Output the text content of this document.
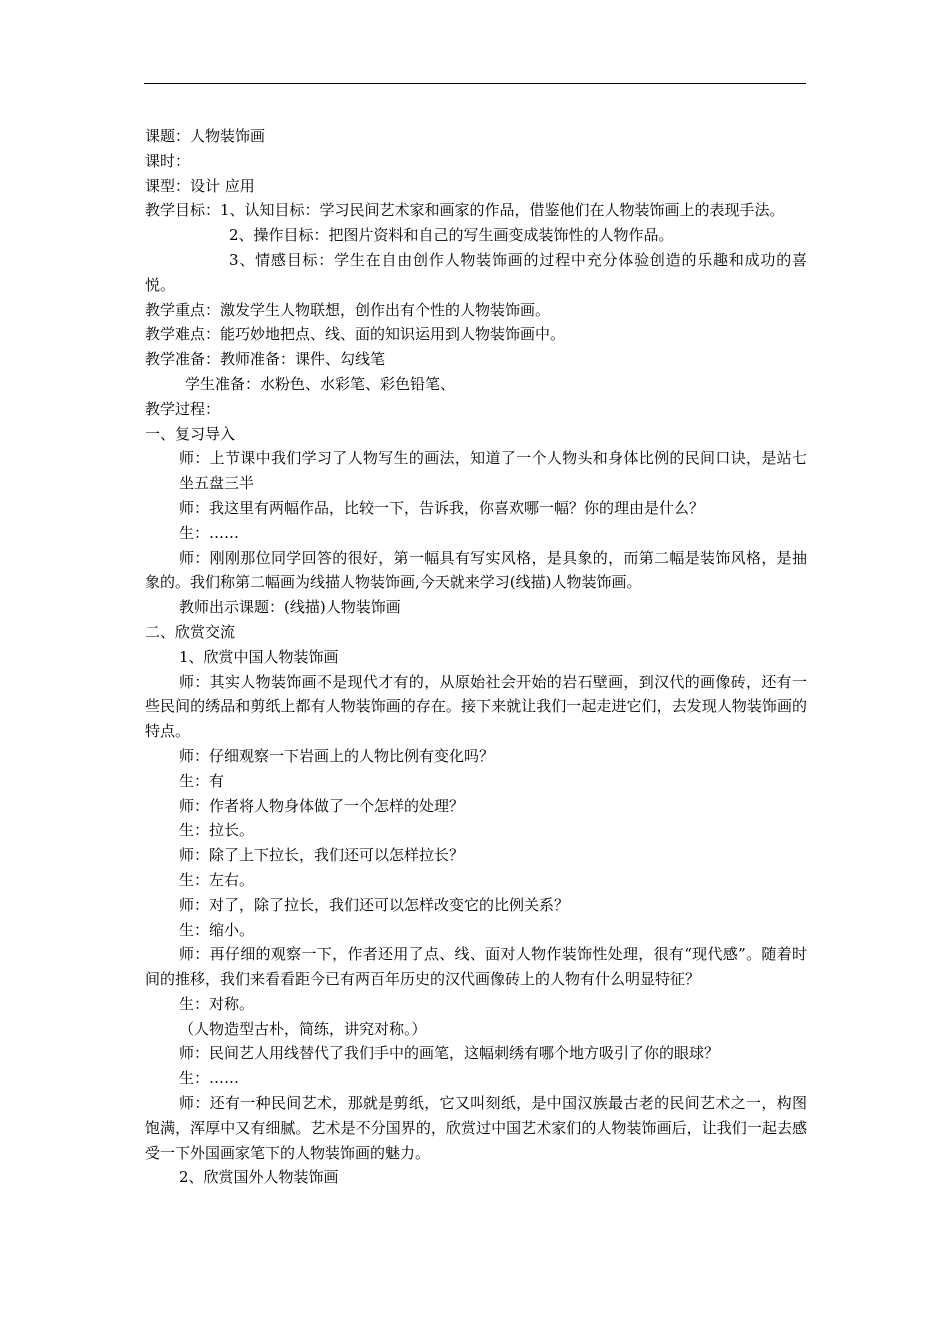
课题：人物装饰画

课时：

课型：设计 应用

教学目标：1、认知目标：学习民间艺术家和画家的作品，借鉴他们在人物装饰画上的表现手法。

2、操作目标：把图片资料和自己的写生画变成装饰性的人物作品。

3、情感目标：学生在自由创作人物装饰画的过程中充分体验创造的乐趣和成功的喜悦。

教学重点：激发学生人物联想，创作出有个性的人物装饰画。

教学难点：能巧妙地把点、线、面的知识运用到人物装饰画中。

教学准备：教师准备：课件、勾线笔

学生准备：水粉色、水彩笔、彩色铅笔、

教学过程：

一、复习导入

师：上节课中我们学习了人物写生的画法，知道了一个人物头和身体比例的民间口诀，是站七坐五盘三半

师：我这里有两幅作品，比较一下，告诉我，你喜欢哪一幅？你的理由是什么？

生：……

师：刚刚那位同学回答的很好，第一幅具有写实风格，是具象的，而第二幅是装饰风格，是抽象的。我们称第二幅画为线描人物装饰画,今天就来学习(线描)人物装饰画。

教师出示课题：(线描)人物装饰画

二、欣赏交流

1、欣赏中国人物装饰画

师：其实人物装饰画不是现代才有的，从原始社会开始的岩石壁画，到汉代的画像砖，还有一些民间的绣品和剪纸上都有人物装饰画的存在。接下来就让我们一起走进它们，去发现人物装饰画的特点。

师：仔细观察一下岩画上的人物比例有变化吗？

生：有

师：作者将人物身体做了一个怎样的处理？

生：拉长。

师：除了上下拉长，我们还可以怎样拉长？

生：左右。

师：对了，除了拉长，我们还可以怎样改变它的比例关系？

生：缩小。

师：再仔细的观察一下，作者还用了点、线、面对人物作装饰性处理，很有“现代感”。随着时间的推移，我们来看看距今已有两百年历史的汉代画像砖上的人物有什么明显特征？

生：对称。

（人物造型古朴，简练，讲究对称。）

师：民间艺人用线替代了我们手中的画笔，这幅刺绣有哪个地方吸引了你的眼球？

生：……

师：还有一种民间艺术，那就是剪纸，它又叫刻纸，是中国汉族最古老的民间艺术之一，构图饱满，浑厚中又有细腻。艺术是不分国界的，欣赏过中国艺术家们的人物装饰画后，让我们一起去感受一下外国画家笔下的人物装饰画的魅力。

2、欣赏国外人物装饰画
